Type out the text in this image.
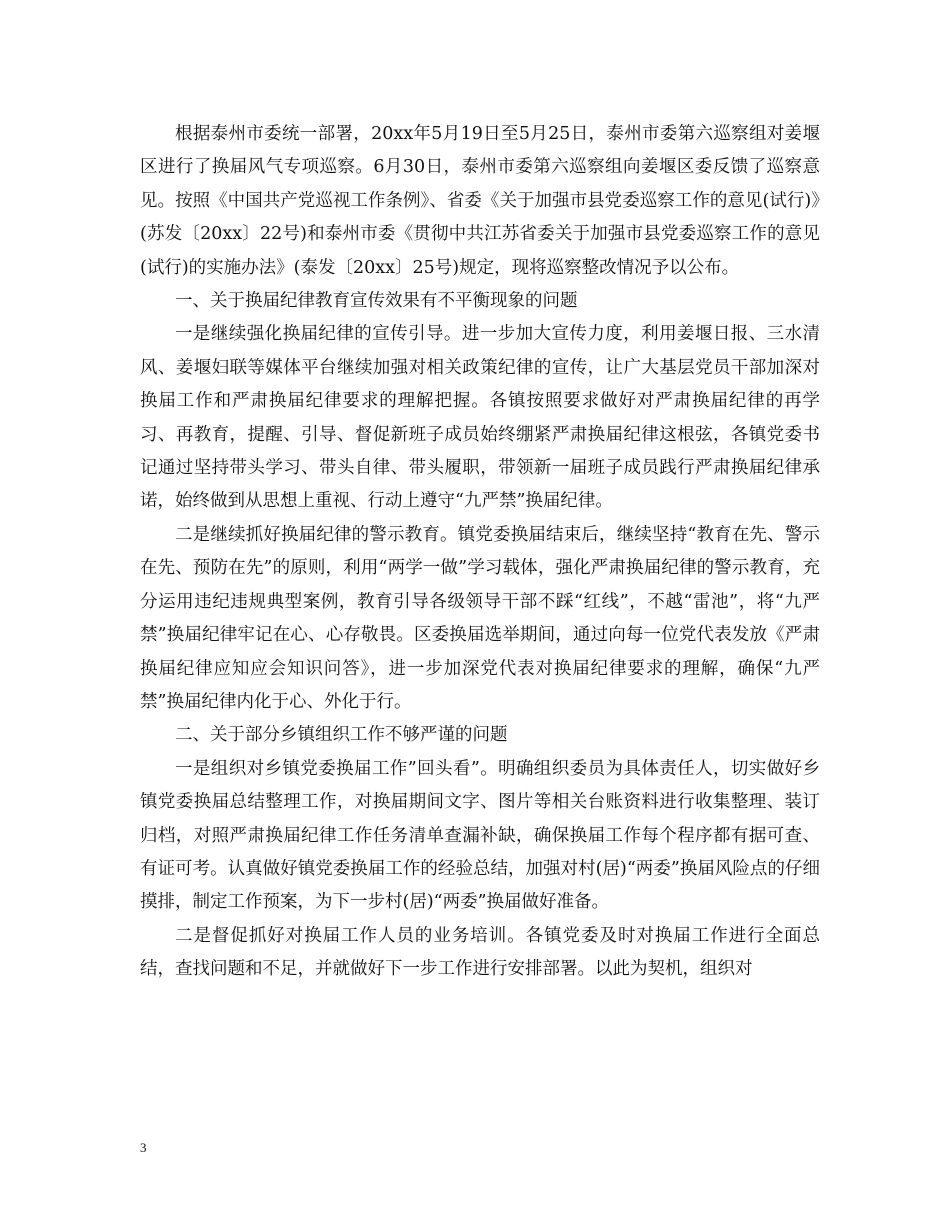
根据泰州市委统一部署，20xx年5月19日至5月25日，泰州市委第六巡察组对姜堰区进行了换届风气专项巡察。6月30日，泰州市委第六巡察组向姜堰区委反馈了巡察意见。按照《中国共产党巡视工作条例》、省委《关于加强市县党委巡察工作的意见(试行)》(苏发〔20xx〕22号)和泰州市委《贯彻中共江苏省委关于加强市县党委巡察工作的意见(试行)的实施办法》(泰发〔20xx〕25号)规定，现将巡察整改情况予以公布。

一、关于换届纪律教育宣传效果有不平衡现象的问题

一是继续强化换届纪律的宣传引导。进一步加大宣传力度，利用姜堰日报、三水清风、姜堰妇联等媒体平台继续加强对相关政策纪律的宣传，让广大基层党员干部加深对换届工作和严肃换届纪律要求的理解把握。各镇按照要求做好对严肃换届纪律的再学习、再教育，提醒、引导、督促新班子成员始终绷紧严肃换届纪律这根弦，各镇党委书记通过坚持带头学习、带头自律、带头履职，带领新一届班子成员践行严肃换届纪律承诺，始终做到从思想上重视、行动上遵守“九严禁”换届纪律。

二是继续抓好换届纪律的警示教育。镇党委换届结束后，继续坚持“教育在先、警示在先、预防在先”的原则，利用“两学一做”学习载体，强化严肃换届纪律的警示教育，充分运用违纪违规典型案例，教育引导各级领导干部不踩“红线”，不越“雷池”，将“九严禁”换届纪律牢记在心、心存敬畏。区委换届选举期间，通过向每一位党代表发放《严肃换届纪律应知应会知识问答》，进一步加深党代表对换届纪律要求的理解，确保“九严禁”换届纪律内化于心、外化于行。

二、关于部分乡镇组织工作不够严谨的问题

一是组织对乡镇党委换届工作”回头看”。明确组织委员为具体责任人，切实做好乡镇党委换届总结整理工作，对换届期间文字、图片等相关台账资料进行收集整理、装订归档，对照严肃换届纪律工作任务清单查漏补缺，确保换届工作每个程序都有据可查、有证可考。认真做好镇党委换届工作的经验总结，加强对村(居)“两委”换届风险点的仔细摸排，制定工作预案，为下一步村(居)“两委”换届做好准备。

二是督促抓好对换届工作人员的业务培训。各镇党委及时对换届工作进行全面总结，查找问题和不足，并就做好下一步工作进行安排部署。以此为契机，组织对

3
